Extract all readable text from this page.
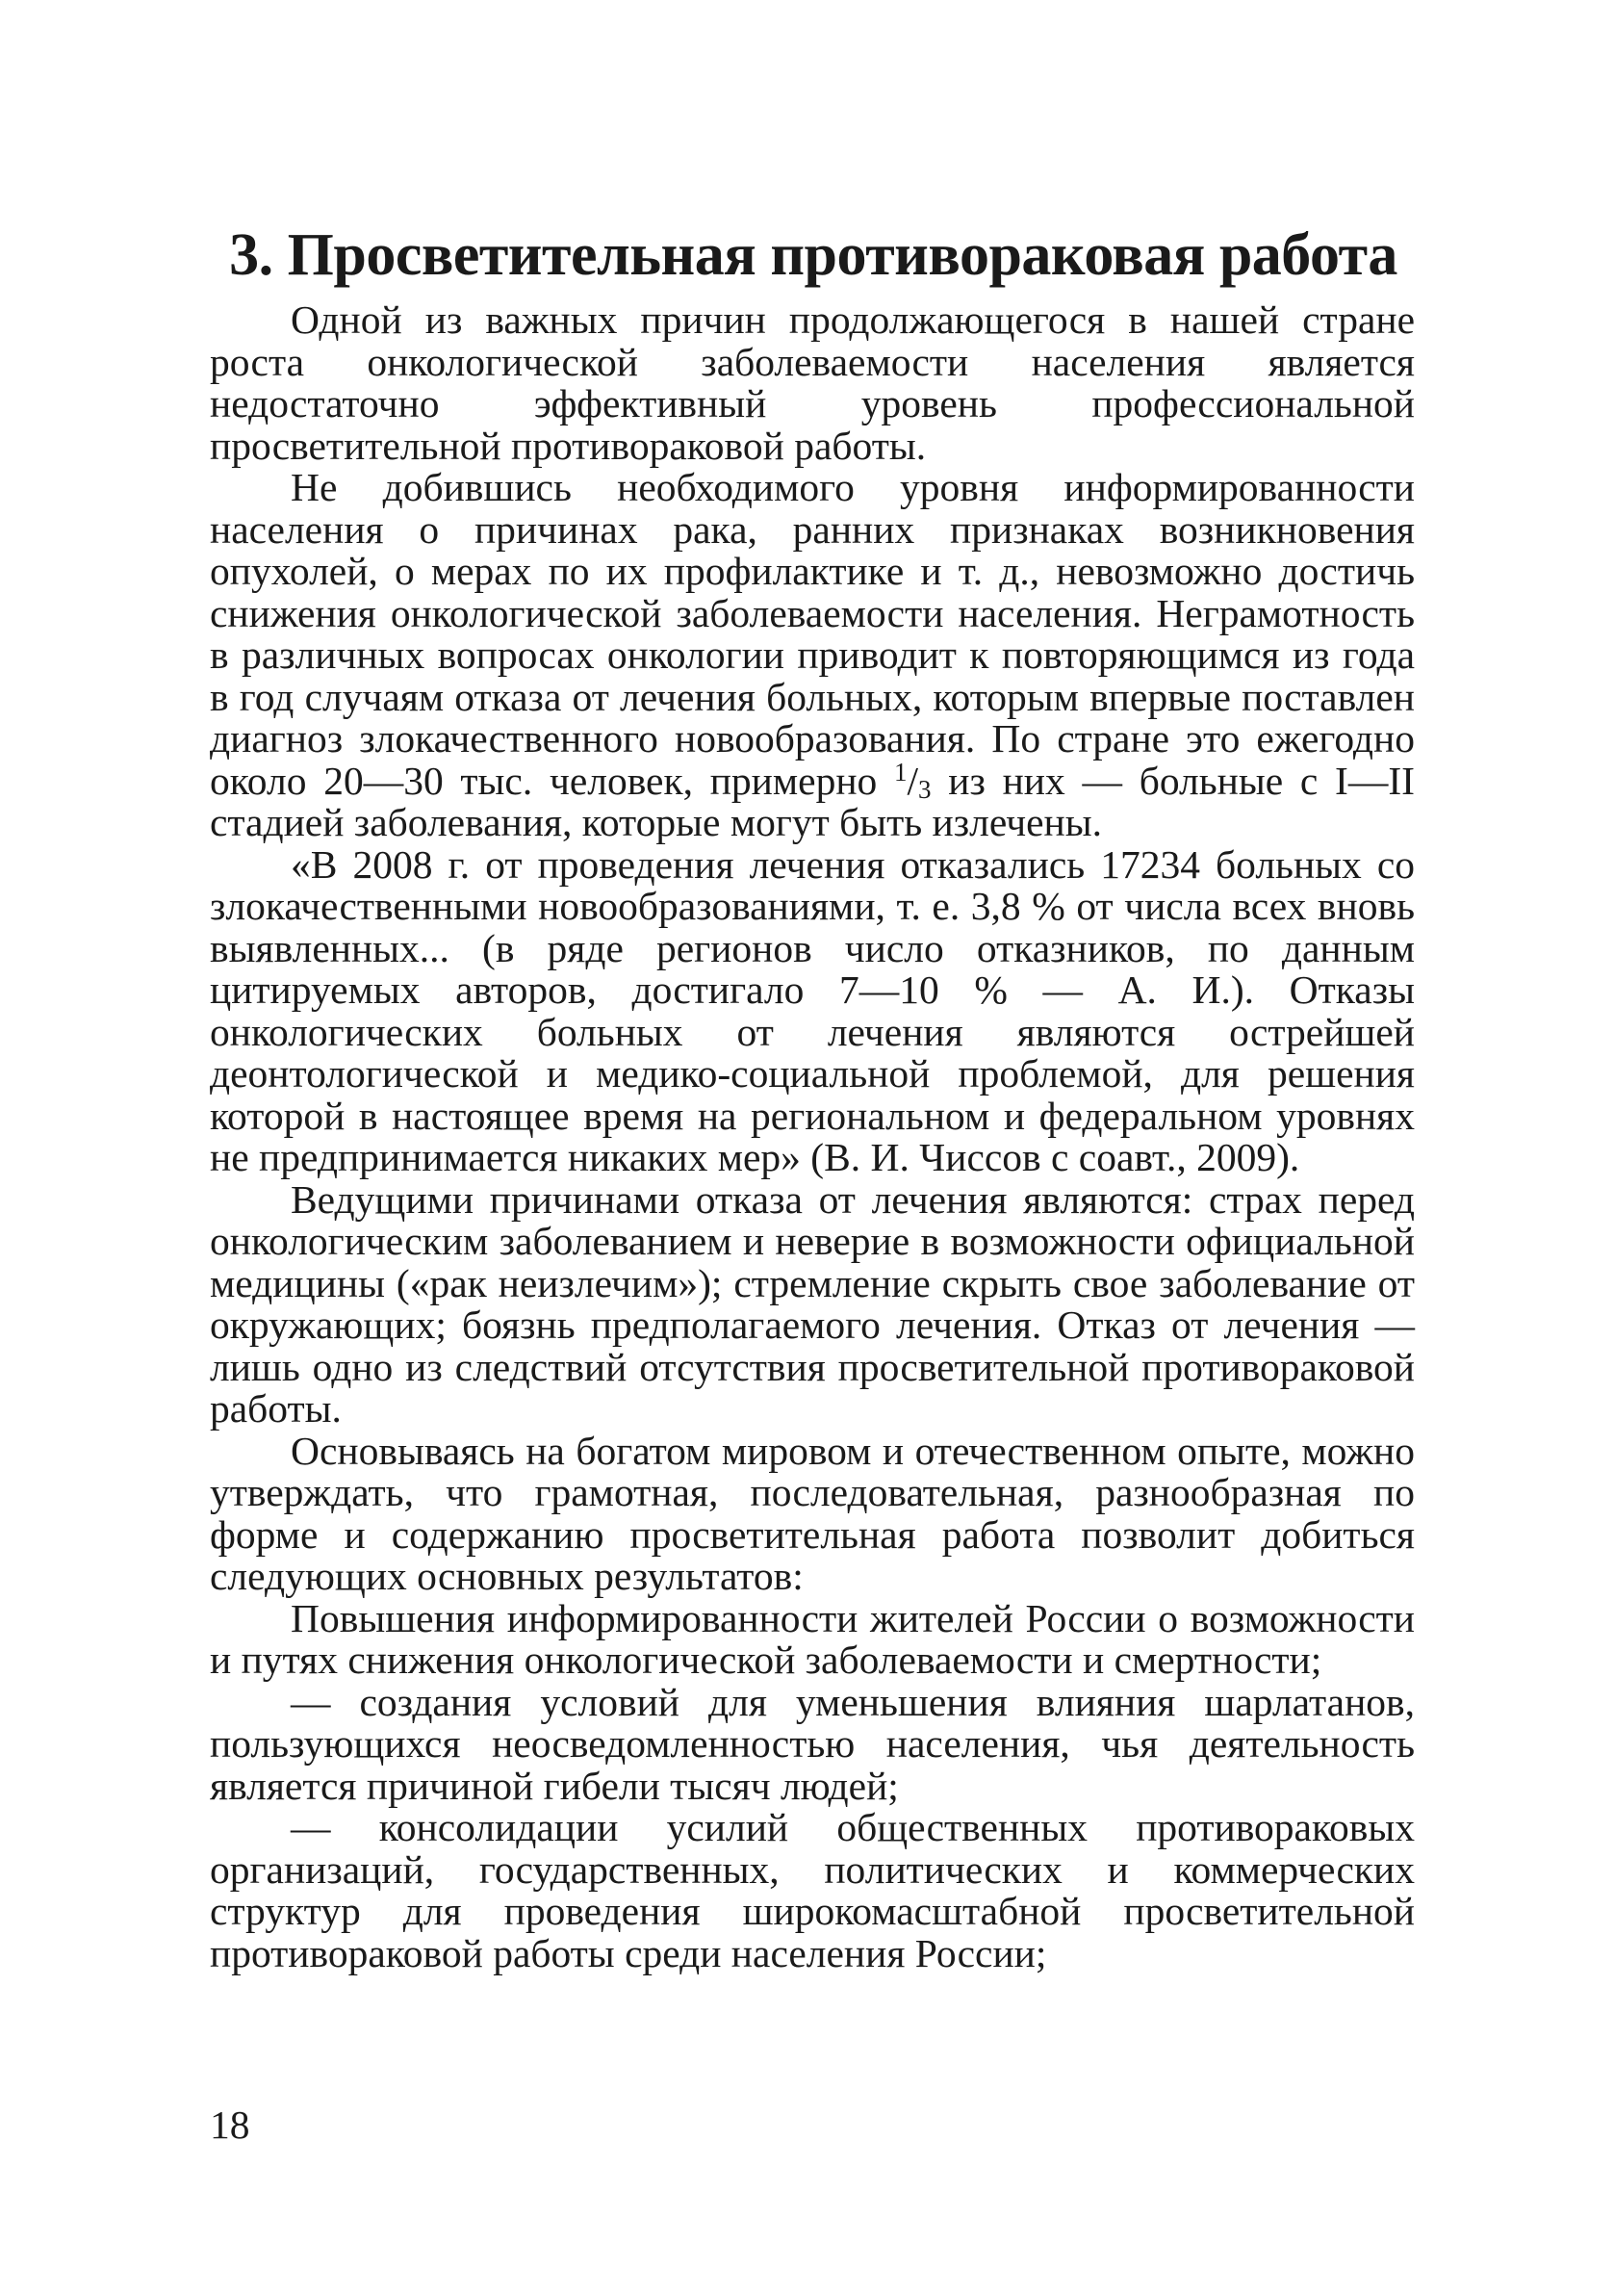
3. Просветительная противораковая работа

Одной из важных причин продолжающегося в нашей стране роста онкологической заболеваемости населения является недостаточно эффективный уровень профессиональной просветительной противораковой работы.

Не добившись необходимого уровня информированности населения о причинах рака, ранних признаках возникновения опухолей, о мерах по их профилактике и т. д., невозможно достичь снижения онкологической заболеваемости населения. Неграмотность в различных вопросах онкологии приводит к повторяющимся из года в год случаям отказа от лечения больных, которым впервые поставлен диагноз злокачественного новообразования. По стране это ежегодно около 20—30 тыс. человек, примерно $^1/_3$ из них — больные с I—II стадией заболевания, которые могут быть излечены.

«В 2008 г. от проведения лечения отказались 17234 больных со злокачественными новообразованиями, т. е. 3,8 % от числа всех вновь выявленных... (в ряде регионов число отказников, по данным цитируемых авторов, достигало 7—10 % — А. И.). Отказы онкологических больных от лечения являются острейшей деонтологической и медико-социальной проблемой, для решения которой в настоящее время на региональном и федеральном уровнях не предпринимается никаких мер» (В. И. Чиссов с соавт., 2009).

Ведущими причинами отказа от лечения являются: страх перед онкологическим заболеванием и неверие в возможности официальной медицины («рак неизлечим»); стремление скрыть свое заболевание от окружающих; боязнь предполагаемого лечения. Отказ от лечения — лишь одно из следствий отсутствия просветительной противораковой работы.

Основываясь на богатом мировом и отечественном опыте, можно утверждать, что грамотная, последовательная, разнообразная по форме и содержанию просветительная работа позволит добиться следующих основных результатов:

Повышения информированности жителей России о возможности и путях снижения онкологической заболеваемости и смертности;

— создания условий для уменьшения влияния шарлатанов, пользующихся неосведомленностью населения, чья деятельность является причиной гибели тысяч людей;

— консолидации усилий общественных противораковых организаций, государственных, политических и коммерческих структур для проведения широкомасштабной просветительной противораковой работы среди населения России;

18
